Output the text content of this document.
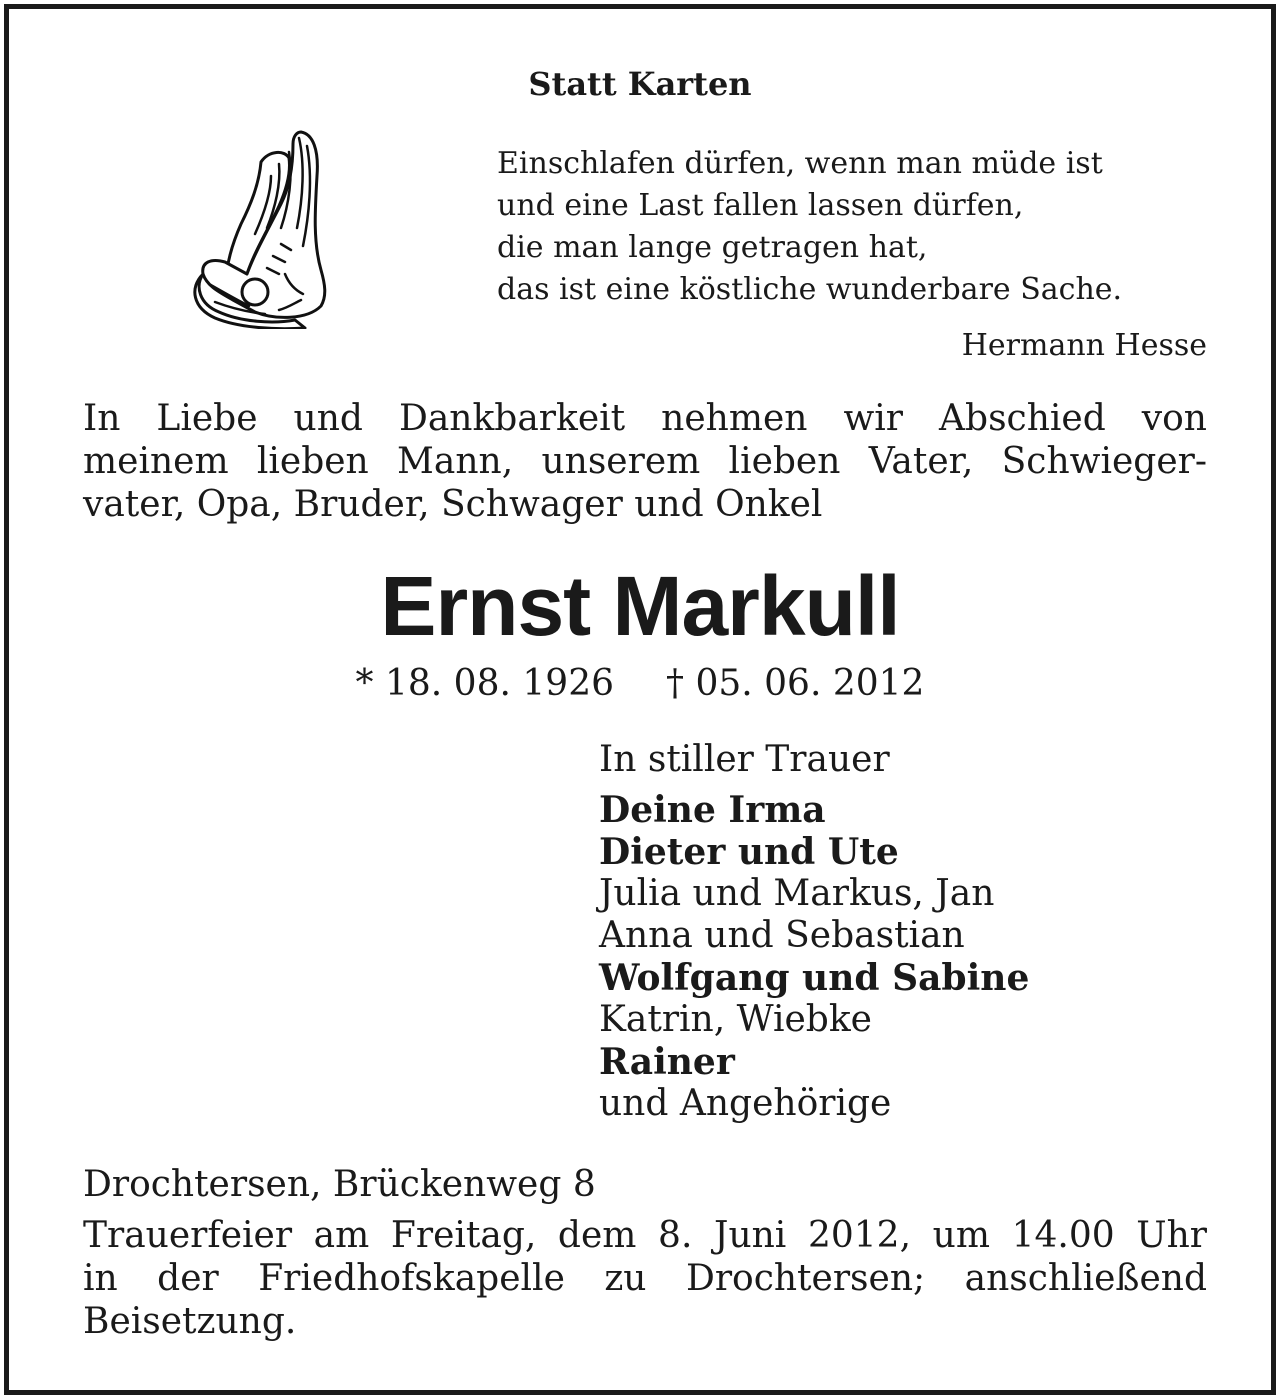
Statt Karten
Einschlafen dürfen, wenn man müde ist
und eine Last fallen lassen dürfen,
die man lange getragen hat,
das ist eine köstliche wunderbare Sache.
Hermann Hesse
In Liebe und Dankbarkeit nehmen wir Abschied von
meinem lieben Mann, unserem lieben Vater, Schwieger-
vater, Opa, Bruder, Schwager und Onkel
Ernst Markull
* 18. 08. 1926 † 05. 06. 2012
In stiller Trauer
Deine Irma
Dieter und Ute
Julia und Markus, Jan
Anna und Sebastian
Wolfgang und Sabine
Katrin, Wiebke
Rainer
und Angehörige
Drochtersen, Brückenweg 8
Trauerfeier am Freitag, dem 8. Juni 2012, um 14.00 Uhr
in der Friedhofskapelle zu Drochtersen; anschließend
Beisetzung.
